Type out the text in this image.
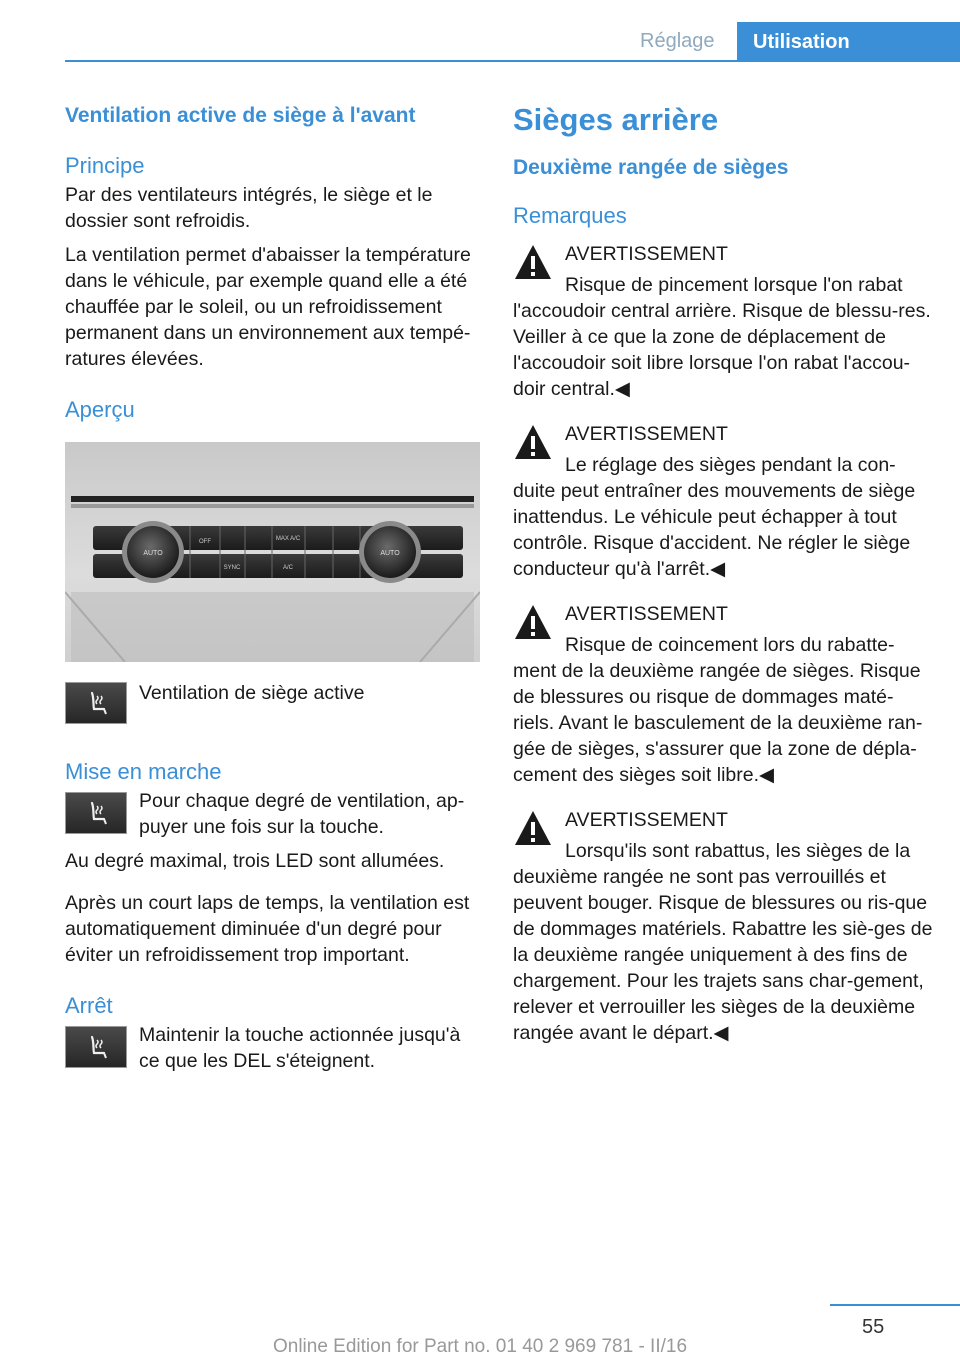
Réglage	Utilisation
Ventilation active de siège à l'avant
Principe

Par des ventilateurs intégrés, le siège et le dossier sont refroidis.

La ventilation permet d'abaisser la température dans le véhicule, par exemple quand elle a été chauffée par le soleil, ou un refroidissement permanent dans un environnement aux tempé‐ratures élevées.

Aperçu
AUTO
OFF	MAX A/C
SYNC	A/C
AUTO

Ventilation de siège active

Mise en marche

Pour chaque degré de ventilation, ap‐puyer une fois sur la touche.

Au degré maximal, trois LED sont allumées.

Après un court laps de temps, la ventilation est automatiquement diminuée d'un degré pour éviter un refroidissement trop important.

Arrêt

Maintenir la touche actionnée jusqu'à ce que les DEL s'éteignent.

Sièges arrière
Deuxième rangée de sièges
Remarques

AVERTISSEMENT

Risque de pincement lorsque l'on rabat l'accoudoir central arrière. Risque de blessu‐res. Veiller à ce que la zone de déplacement de l'accoudoir soit libre lorsque l'on rabat l'accou‐doir central.◀

AVERTISSEMENT

Le réglage des sièges pendant la con‐duite peut entraîner des mouvements de siège inattendus. Le véhicule peut échapper à tout contrôle. Risque d'accident. Ne régler le siège conducteur qu'à l'arrêt.◀

AVERTISSEMENT

Risque de coincement lors du rabatte‐ment de la deuxième rangée de sièges. Risque de blessures ou risque de dommages maté‐riels. Avant le basculement de la deuxième ran‐gée de sièges, s'assurer que la zone de dépla‐cement des sièges soit libre.◀

AVERTISSEMENT

Lorsqu'ils sont rabattus, les sièges de la deuxième rangée ne sont pas verrouillés et peuvent bouger. Risque de blessures ou ris‐que de dommages matériels. Rabattre les siè‐ges de la deuxième rangée uniquement à des fins de chargement. Pour les trajets sans char‐gement, relever et verrouiller les sièges de la deuxième rangée avant le départ.◀

55
Online Edition for Part no. 01 40 2 969 781 - II/16
